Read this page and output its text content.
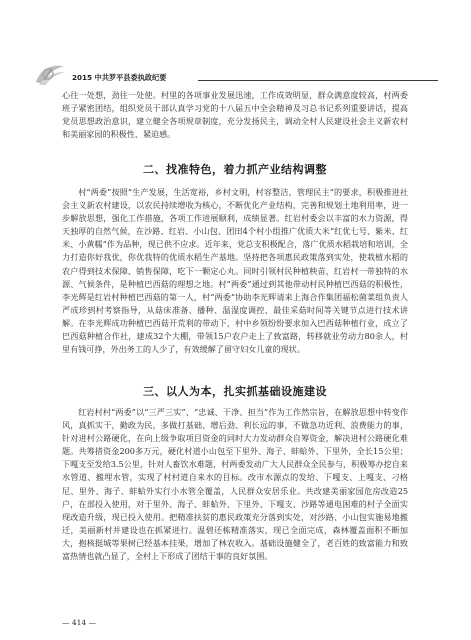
2015 中共罗平县委执政纪要

心往一处想，劲往一处使。村里的各项事业发展迅速，工作成效明显，群众满意度较高，村两委班子紧密团结，组织党员干部认真学习党的十八届五中全会精神及习总书记系列重要讲话，提高党员思想政治意识，建立健全各项规章制度，充分发扬民主，调动全村人民建设社会主义新农村和美丽家园的积极性、紧迫感。

二、找准特色，着力抓产业结构调整

村“两委”按照“生产发展，生活宽裕，乡村文明，村容整洁，管理民主”的要求，积极推进社会主义新农村建设，以农民持续增收为核心，不断优化产业结构，完善和规划土地利用率，进一步解放思想，强化工作措施，各项工作进展顺利，成绩显著。红岩村委会以丰富的水力资源，得天独厚的自然气候，在沙路、红岩、小山包、团田4个村小组推广优质大米“红优七号、紫米、红米、小黄糯”作为品种，现已供不应求。近年来，党总支积极配合，落广优质水稻栽培和培训，全力打造你好我优，你优我特的优质水稻生产基地。坚持把各项惠民政策落到实处，使栽植水稻的农户得到技术保障、销售保障，吃下一颗定心丸。同时引领村民种植秧苗，红岩村一带独特的水源、气候条件，是种植巴西菇的理想之地。村“两委”通过到其他带动村民种植巴西菇的积极性，李光辉是红岩村种植巴西菇的第一人，村“两委”协助李光辉请来上海合作集团福松菌菜组负责人严成珍到村考察指导，从菇床准备、播种、温湿度调控、最佳采菇时间等关键节点进行技术讲解。在李光辉成功种植巴西菇开荒利的带动下，村中乡领纷纷要求加入巴西菇种植行业，成立了巴西菇种植合作社，建成32个大棚，带领15户农户走上了致富路，转移就业劳动力80余人，村里有钱可挣，外出务工的人少了，有效缓解了留守妇女儿童的现状。

三、以人为本，扎实抓基础设施建设

红岩村村“两委”以“三严三实”、“忠诚、干净、担当”作为工作然宗旨，在解放思想中转变作风，真抓实干，勤政为民，多做打基础、增后劲、利长远的事，不做急功近利、浪费能力的事，针对进村公路硬化，在向上级争取项目资金的同时大力发动群众自筹资金，解决进村公路硬化难题。共筹措资金200多万元，硬化村道小山包至下里外、海子、蚌蛤外、下里外，全长15公里；下嘎支至发给3.5公里，针对人畜饮水难题，村两委发动广大人民群众全民参与，积极筹办挖自来水管道、搬埋水管，实现了村村道自来水的目标。改市水源点的发给、下嘎支、上嘎支、刁格尼、里外、海子、蚌蛤外实行小水管全覆盖，人民群众安居乐业。共改建美丽家园危房改造25户，在部投入使用，对于里外、海子、蚌蛤外、下里外、下嘎支、沙路等通电困难的村子全面实现改造升级，现已投入使用。把精准扶贫的惠民政策充分落到实处，对沙路、小山包实施易地搬迁，美丽新村并建设也在抓紧进行。温碧还栋精准落实，现已全面完成，森林覆盖面积不断加大，抱核挺城等果树已经基本挂果，增加了林农收入。基础设施健全了，老百姓的致富能力和致富热情也就凸显了，全村上下形成了团结干事的良好氛围。

— 414 —
